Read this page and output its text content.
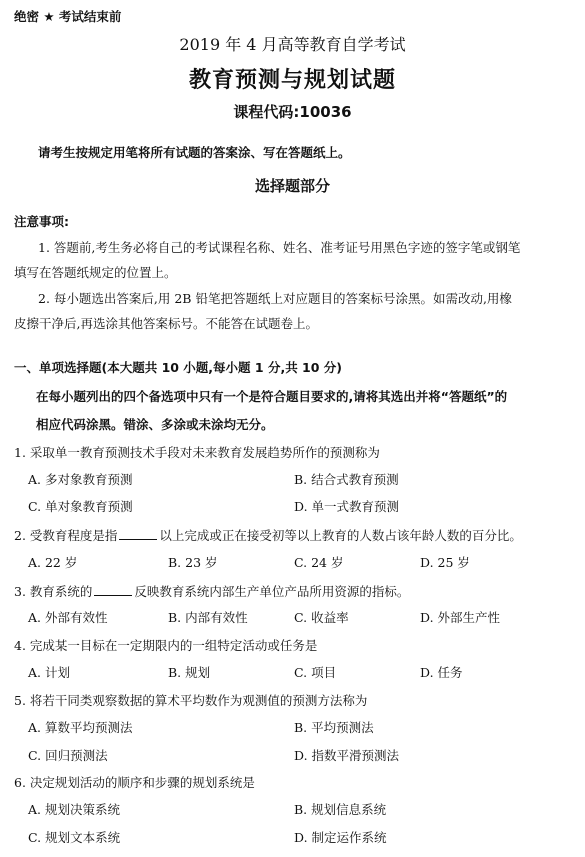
绝密 ★ 考试结束前
2019 年 4 月高等教育自学考试
教育预测与规划试题
课程代码:10036
请考生按规定用笔将所有试题的答案涂、写在答题纸上。
选择题部分
注意事项:
1. 答题前,考生务必将自己的考试课程名称、姓名、准考证号用黑色字迹的签字笔或钢笔
填写在答题纸规定的位置上。
2. 每小题选出答案后,用 2B 铅笔把答题纸上对应题目的答案标号涂黑。如需改动,用橡
皮擦干净后,再选涂其他答案标号。不能答在试题卷上。
一、单项选择题(本大题共 10 小题,每小题 1 分,共 10 分)
在每小题列出的四个备选项中只有一个是符合题目要求的,请将其选出并将“答题纸”的
相应代码涂黑。错涂、多涂或未涂均无分。
1. 采取单一教育预测技术手段对未来教育发展趋势所作的预测称为
A. 多对象教育预测	B. 结合式教育预测
C. 单对象教育预测	D. 单一式教育预测
2. 受教育程度是指	以上完成或正在接受初等以上教育的人数占该年龄人数的百分比。
A. 22 岁	B. 23 岁	C. 24 岁	D. 25 岁
3. 教育系统的	反映教育系统内部生产单位产品所用资源的指标。
A. 外部有效性	B. 内部有效性	C. 收益率	D. 外部生产性
4. 完成某一目标在一定期限内的一组特定活动或任务是
A. 计划	B. 规划	C. 项目	D. 任务
5. 将若干同类观察数据的算术平均数作为观测值的预测方法称为
A. 算数平均预测法	B. 平均预测法
C. 回归预测法	D. 指数平滑预测法
6. 决定规划活动的顺序和步骤的规划系统是
A. 规划决策系统	B. 规划信息系统
C. 规划文本系统	D. 制定运作系统
